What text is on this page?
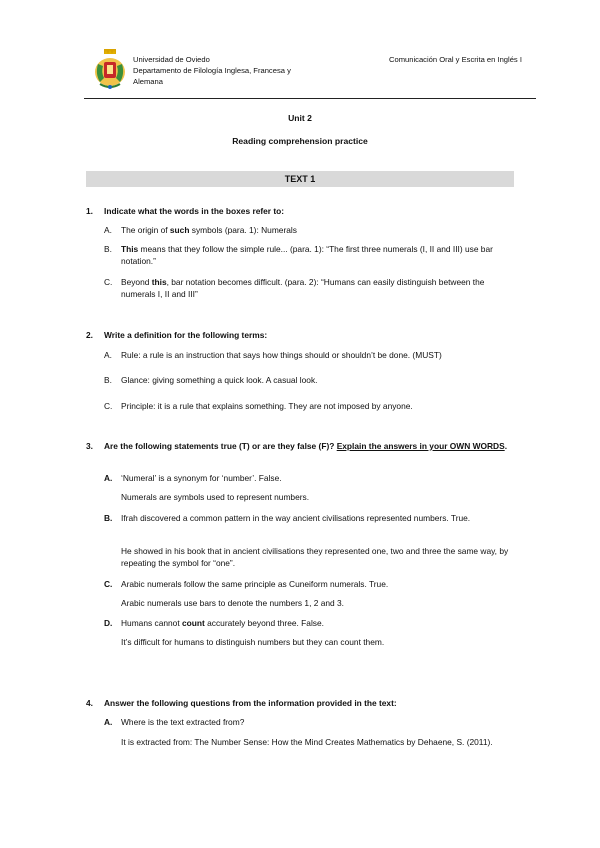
Universidad de Oviedo
Departamento de Filología Inglesa, Francesa y Alemana
Comunicación Oral y Escrita en Inglés I
Unit 2
Reading comprehension practice
TEXT 1
1. Indicate what the words in the boxes refer to:
A. The origin of such symbols (para. 1): Numerals
B. This means that they follow the simple rule... (para. 1): “The first three numerals (I, II and III) use bar notation.”
C. Beyond this, bar notation becomes difficult. (para. 2): “Humans can easily distinguish between the numerals I, II and III”
2. Write a definition for the following terms:
A. Rule: a rule is an instruction that says how things should or shouldn’t be done. (MUST)
B. Glance: giving something a quick look. A casual look.
C. Principle: it is a rule that explains something. They are not imposed by anyone.
3. Are the following statements true (T) or are they false (F)? Explain the answers in your OWN WORDS.
A. ‘Numeral’ is a synonym for ‘number’. False.
Numerals are symbols used to represent numbers.
B. Ifrah discovered a common pattern in the way ancient civilisations represented numbers. True.
He showed in his book that in ancient civilisations they represented one, two and three the same way, by repeating the symbol for “one”.
C. Arabic numerals follow the same principle as Cuneiform numerals. True.
Arabic numerals use bars to denote the numbers 1, 2 and 3.
D. Humans cannot count accurately beyond three. False.
It’s difficult for humans to distinguish numbers but they can count them.
4. Answer the following questions from the information provided in the text:
A. Where is the text extracted from?
It is extracted from: The Number Sense: How the Mind Creates Mathematics by Dehaene, S. (2011).
